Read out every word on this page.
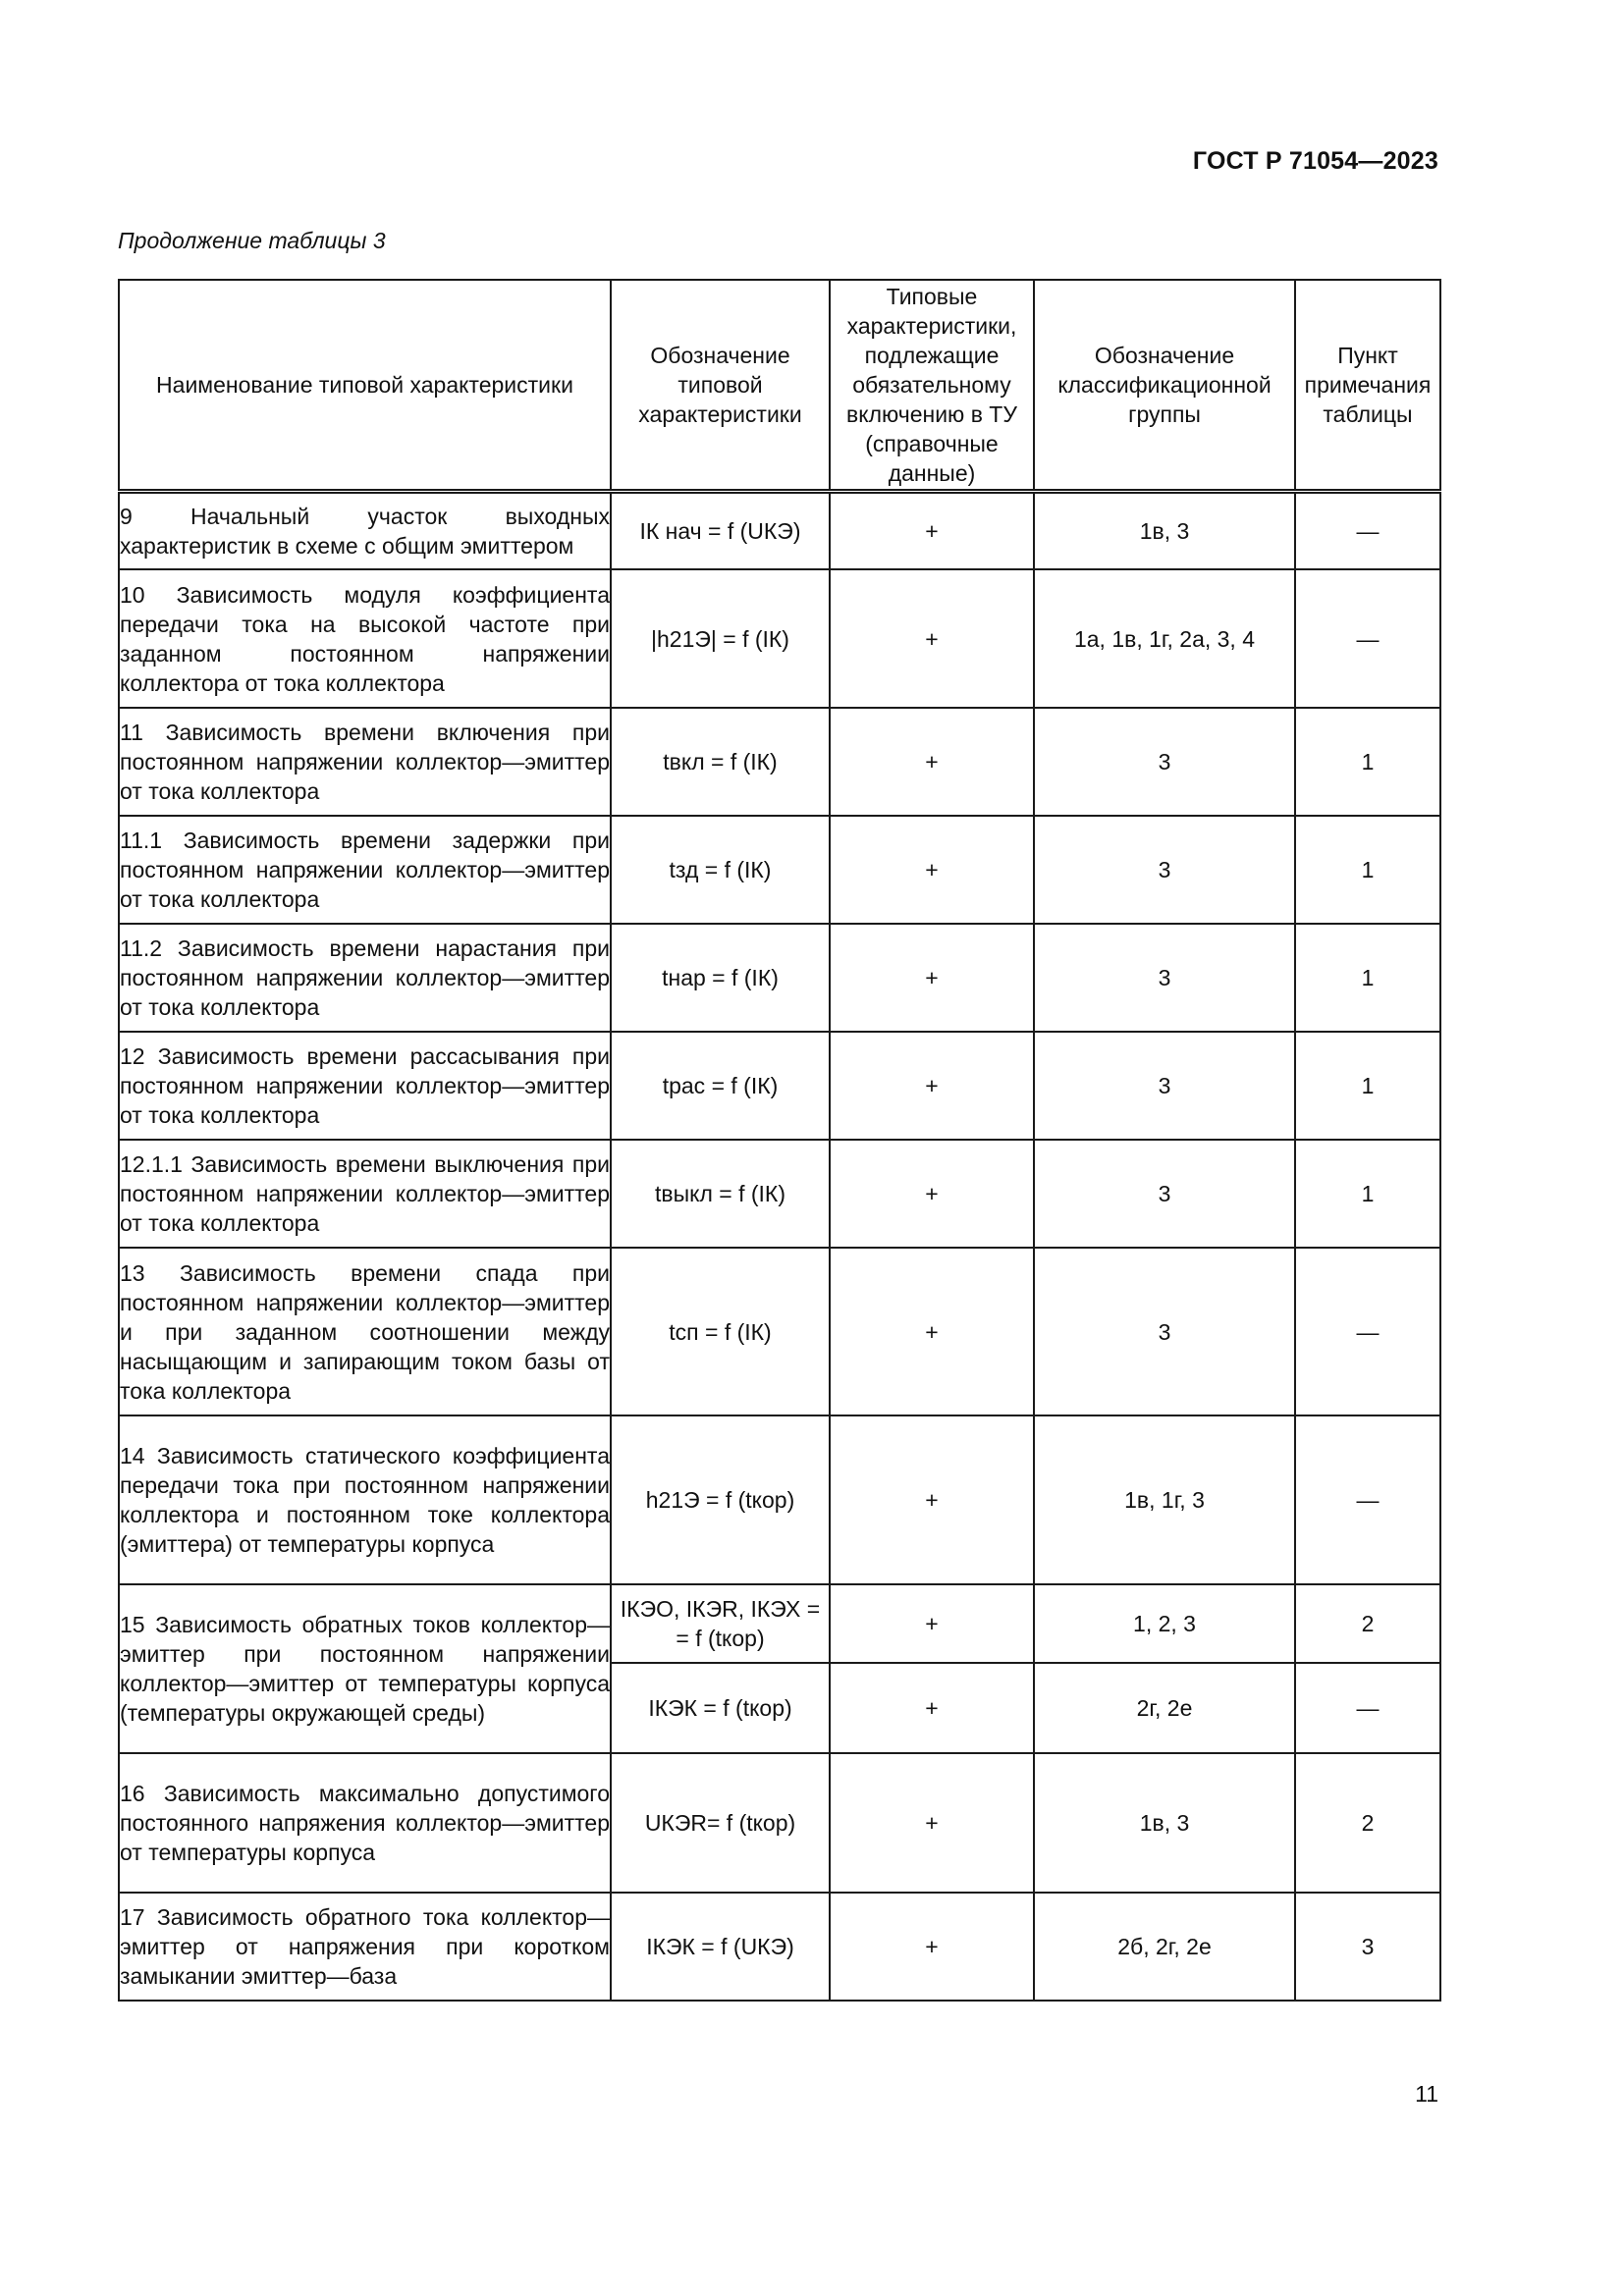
ГОСТ Р 71054—2023
Продолжение таблицы 3
Наименование типовой характеристики	Обозначение типовой характеристики	Типовые характеристики, подлежащие обязательному включению в ТУ (справочные данные)	Обозначение классификационной группы	Пункт примечания таблицы
9 Начальный участок выходных характеристик в схеме с общим эмиттером	IК нач = f (UКЭ)	+	1в, 3	—
10 Зависимость модуля коэффициента передачи тока на высокой частоте при заданном постоянном напряжении коллектора от тока коллектора	|h21Э| = f (IК)	+	1а, 1в, 1г, 2а, 3, 4	—
11 Зависимость времени включения при постоянном напряжении коллектор—эмиттер от тока коллектора	tвкл = f (IК)	+	3	1
11.1 Зависимость времени задержки при постоянном напряжении коллектор—эмиттер от тока коллектора	tзд = f (IК)	+	3	1
11.2 Зависимость времени нарастания при постоянном напряжении коллектор—эмиттер от тока коллектора	tнар = f (IК)	+	3	1
12 Зависимость времени рассасывания при постоянном напряжении коллектор—эмиттер от тока коллектора	tрас = f (IК)	+	3	1
12.1.1 Зависимость времени выключения при постоянном напряжении коллектор—эмиттер от тока коллектора	tвыкл = f (IК)	+	3	1
13 Зависимость времени спада при постоянном напряжении коллектор—эмиттер и при заданном соотношении между насыщающим и запирающим током базы от тока коллектора	tсп = f (IК)	+	3	—
14 Зависимость статического коэффициента передачи тока при постоянном напряжении коллектора и постоянном токе коллектора (эмиттера) от температуры корпуса	h21Э = f (tкор)	+	1в, 1г, 3	—
15 Зависимость обратных токов коллектор—эмиттер при постоянном напряжении коллектор—эмиттер от температуры корпуса (температуры окружающей среды)	IКЭО, IКЭR, IКЭХ = = f (tкор)	+	1, 2, 3	2
	IКЭК = f (tкор)	+	2г, 2е	—
16 Зависимость максимально допустимого постоянного напряжения коллектор—эмиттер от температуры корпуса	UКЭR= f (tкор)	+	1в, 3	2
17 Зависимость обратного тока коллектор—эмиттер от напряжения при коротком замыкании эмиттер—база	IКЭК = f (UКЭ)	+	2б, 2г, 2е	3
11
